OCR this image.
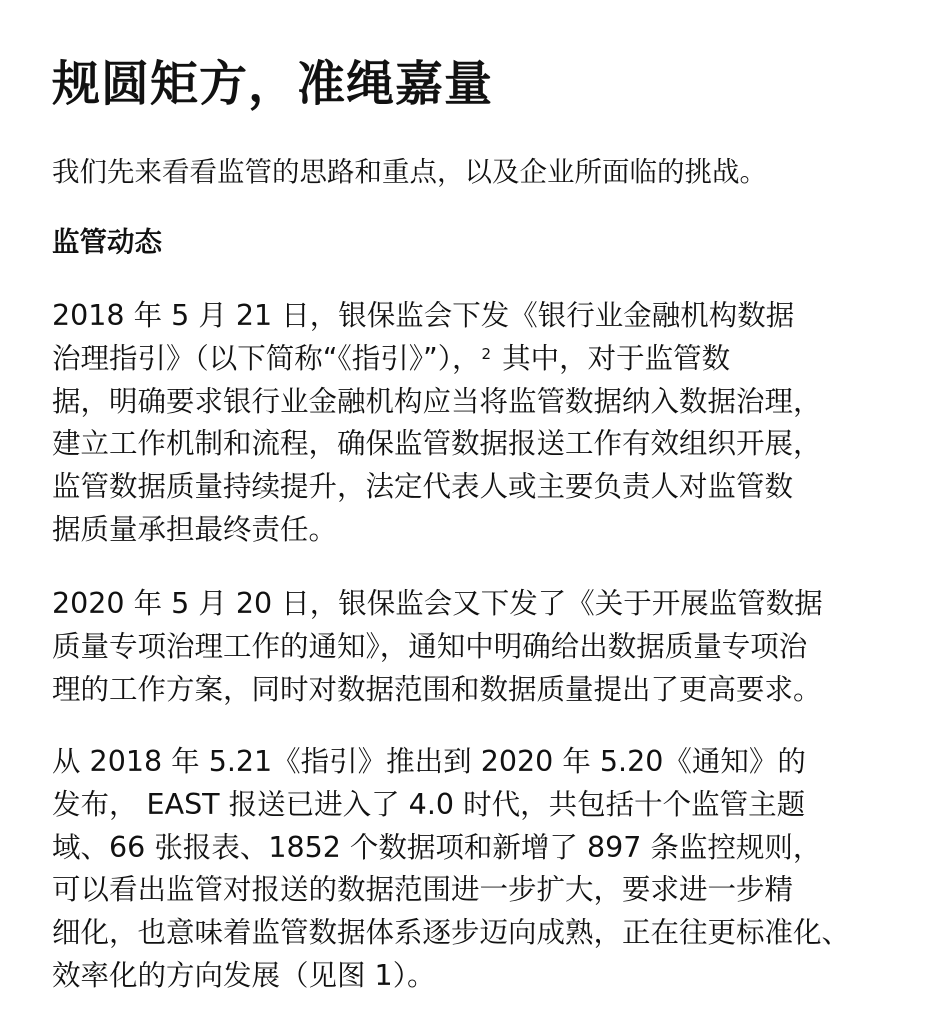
规圆矩方，准绳嘉量

我们先来看看监管的思路和重点，以及企业所面临的挑战。

监管动态

2018 年 5 月 21 日，银保监会下发《银行业金融机构数据
治理指引》（以下简称“《指引》”），$^2$ 其中，对于监管数
据，明确要求银行业金融机构应当将监管数据纳入数据治理，
建立工作机制和流程，确保监管数据报送工作有效组织开展，
监管数据质量持续提升，法定代表人或主要负责人对监管数
据质量承担最终责任。

2020 年 5 月 20 日，银保监会又下发了《关于开展监管数据
质量专项治理工作的通知》，通知中明确给出数据质量专项治
理的工作方案，同时对数据范围和数据质量提出了更高要求。

从 2018 年 5.21《指引》推出到 2020 年 5.20《通知》的
发布， EAST 报送已进入了 4.0 时代，共包括十个监管主题
域、66 张报表、1852 个数据项和新增了 897 条监控规则，
可以看出监管对报送的数据范围进一步扩大，要求进一步精
细化，也意味着监管数据体系逐步迈向成熟，正在往更标准化、
效率化的方向发展（见图 1）。
